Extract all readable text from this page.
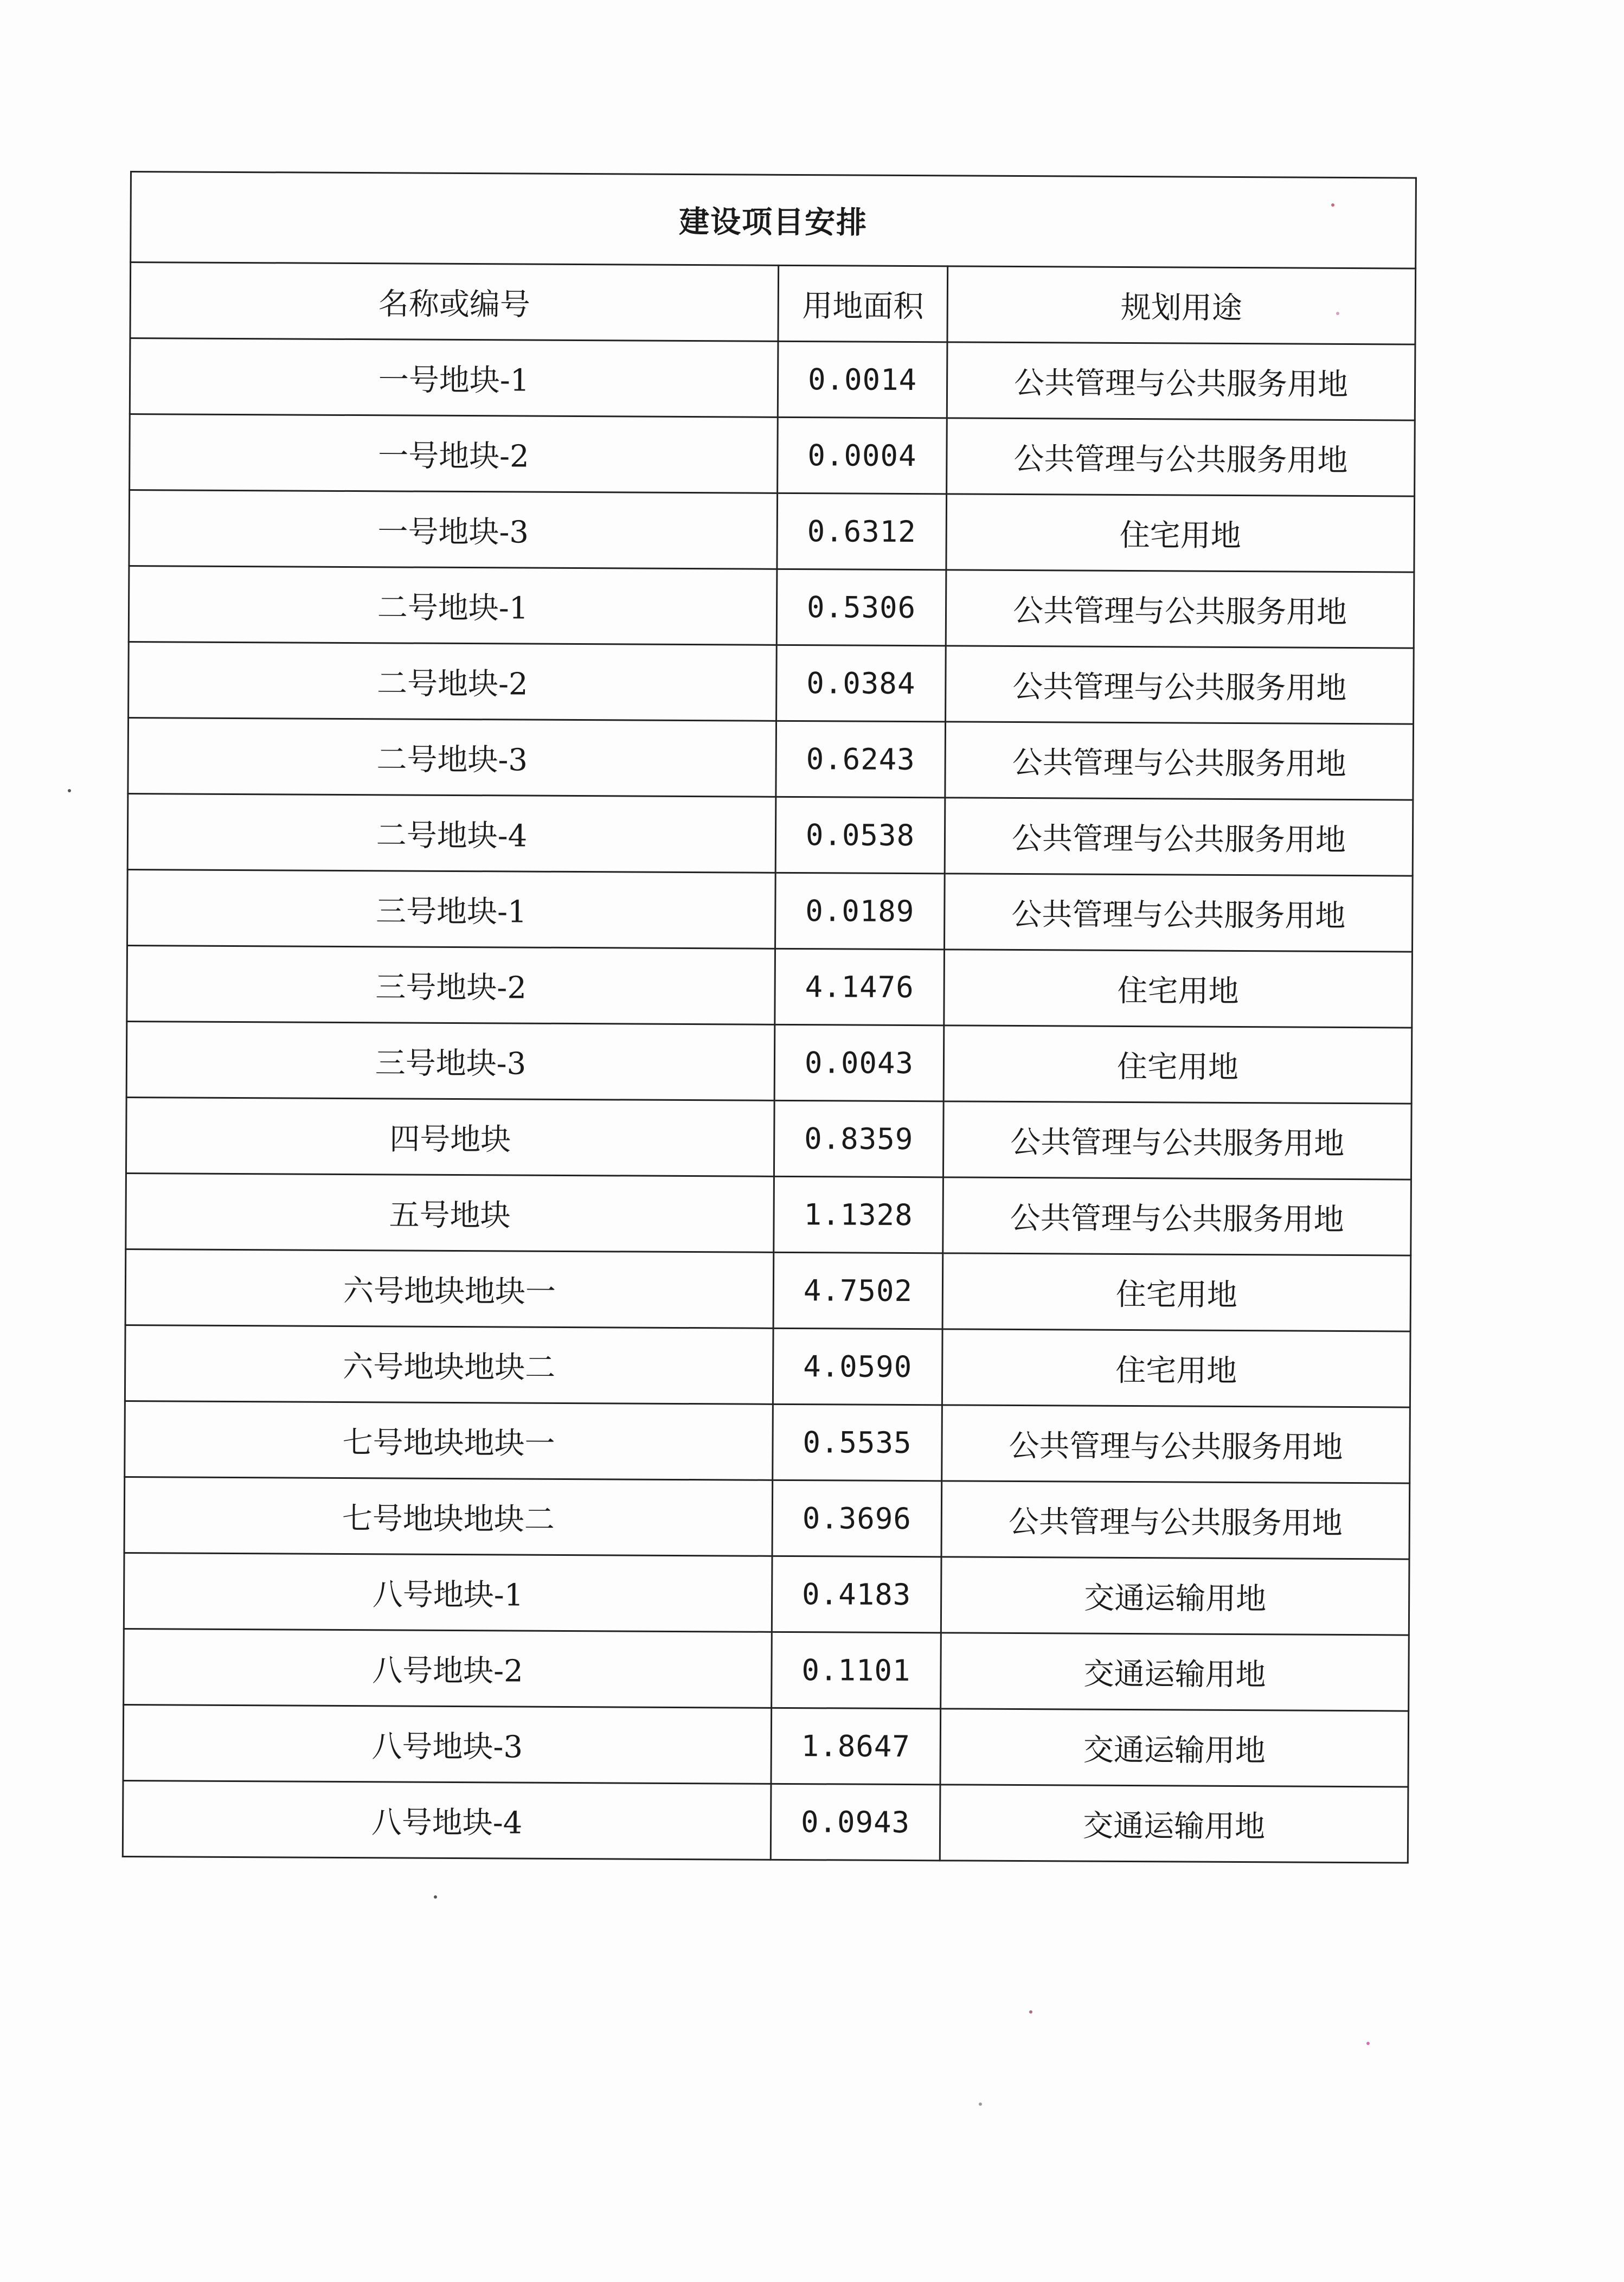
建设项目安排		
名称或编号	用地面积	规划用途
一号地块-1	0.0014	公共管理与公共服务用地
一号地块-2	0.0004	公共管理与公共服务用地
一号地块-3	0.6312	住宅用地
二号地块-1	0.5306	公共管理与公共服务用地
二号地块-2	0.0384	公共管理与公共服务用地
二号地块-3	0.6243	公共管理与公共服务用地
二号地块-4	0.0538	公共管理与公共服务用地
三号地块-1	0.0189	公共管理与公共服务用地
三号地块-2	4.1476	住宅用地
三号地块-3	0.0043	住宅用地
四号地块	0.8359	公共管理与公共服务用地
五号地块	1.1328	公共管理与公共服务用地
六号地块地块一	4.7502	住宅用地
六号地块地块二	4.0590	住宅用地
七号地块地块一	0.5535	公共管理与公共服务用地
七号地块地块二	0.3696	公共管理与公共服务用地
八号地块-1	0.4183	交通运输用地
八号地块-2	0.1101	交通运输用地
八号地块-3	1.8647	交通运输用地
八号地块-4	0.0943	交通运输用地
